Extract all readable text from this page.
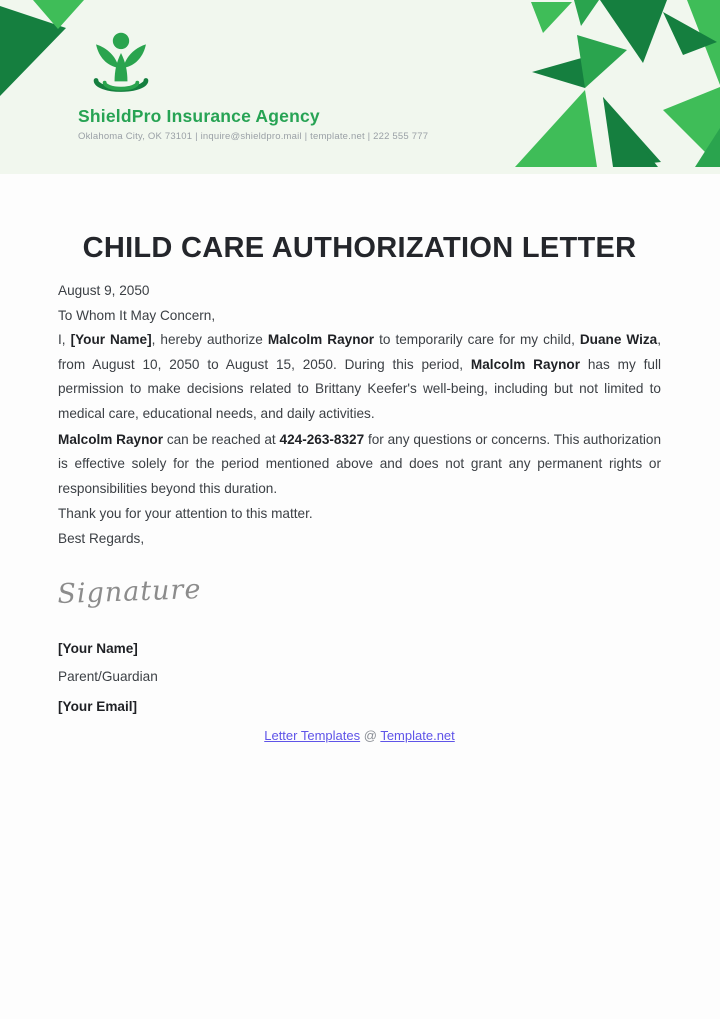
ShieldPro Insurance Agency
Oklahoma City, OK 73101 | inquire@shieldpro.mail | template.net | 222 555 777
CHILD CARE AUTHORIZATION LETTER

August 9, 2050

To Whom It May Concern,

I, [Your Name], hereby authorize Malcolm Raynor to temporarily care for my child, Duane Wiza, from August 10, 2050 to August 15, 2050. During this period, Malcolm Raynor has my full permission to make decisions related to Brittany Keefer's well-being, including but not limited to medical care, educational needs, and daily activities.

Malcolm Raynor can be reached at 424-263-8327 for any questions or concerns. This authorization is effective solely for the period mentioned above and does not grant any permanent rights or responsibilities beyond this duration.

Thank you for your attention to this matter.

Best Regards,

Signature
[Your Name]
Parent/Guardian
[Your Email]
Letter Templates @ Template.net
